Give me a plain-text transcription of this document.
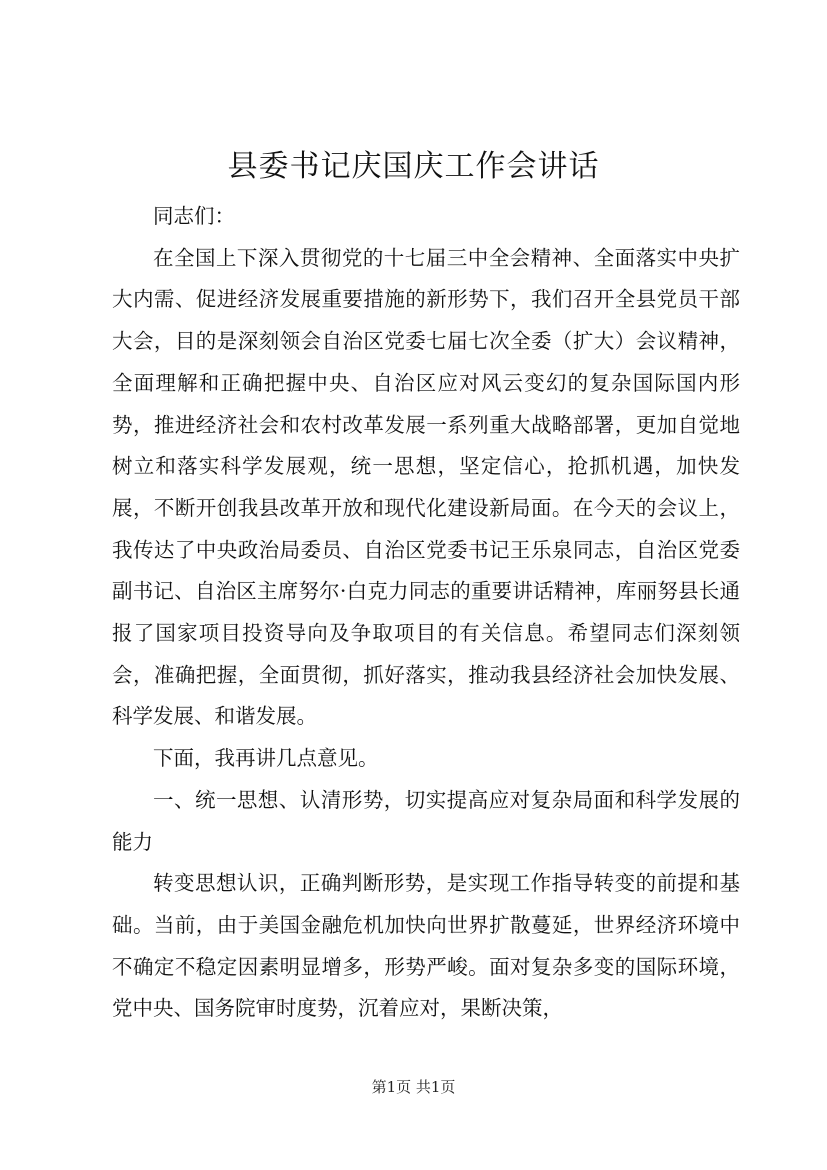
县委书记庆国庆工作会讲话

同志们：

在全国上下深入贯彻党的十七届三中全会精神、全面落实中央扩大内需、促进经济发展重要措施的新形势下，我们召开全县党员干部大会，目的是深刻领会自治区党委七届七次全委（扩大）会议精神，全面理解和正确把握中央、自治区应对风云变幻的复杂国际国内形势，推进经济社会和农村改革发展一系列重大战略部署，更加自觉地树立和落实科学发展观，统一思想，坚定信心，抢抓机遇，加快发展，不断开创我县改革开放和现代化建设新局面。在今天的会议上，我传达了中央政治局委员、自治区党委书记王乐泉同志，自治区党委副书记、自治区主席努尔·白克力同志的重要讲话精神，库丽努县长通报了国家项目投资导向及争取项目的有关信息。希望同志们深刻领会，准确把握，全面贯彻，抓好落实，推动我县经济社会加快发展、科学发展、和谐发展。

下面，我再讲几点意见。

一、统一思想、认清形势，切实提高应对复杂局面和科学发展的能力

转变思想认识，正确判断形势，是实现工作指导转变的前提和基础。当前，由于美国金融危机加快向世界扩散蔓延，世界经济环境中不确定不稳定因素明显增多，形势严峻。面对复杂多变的国际环境，党中央、国务院审时度势，沉着应对，果断决策，

第1页 共1页
